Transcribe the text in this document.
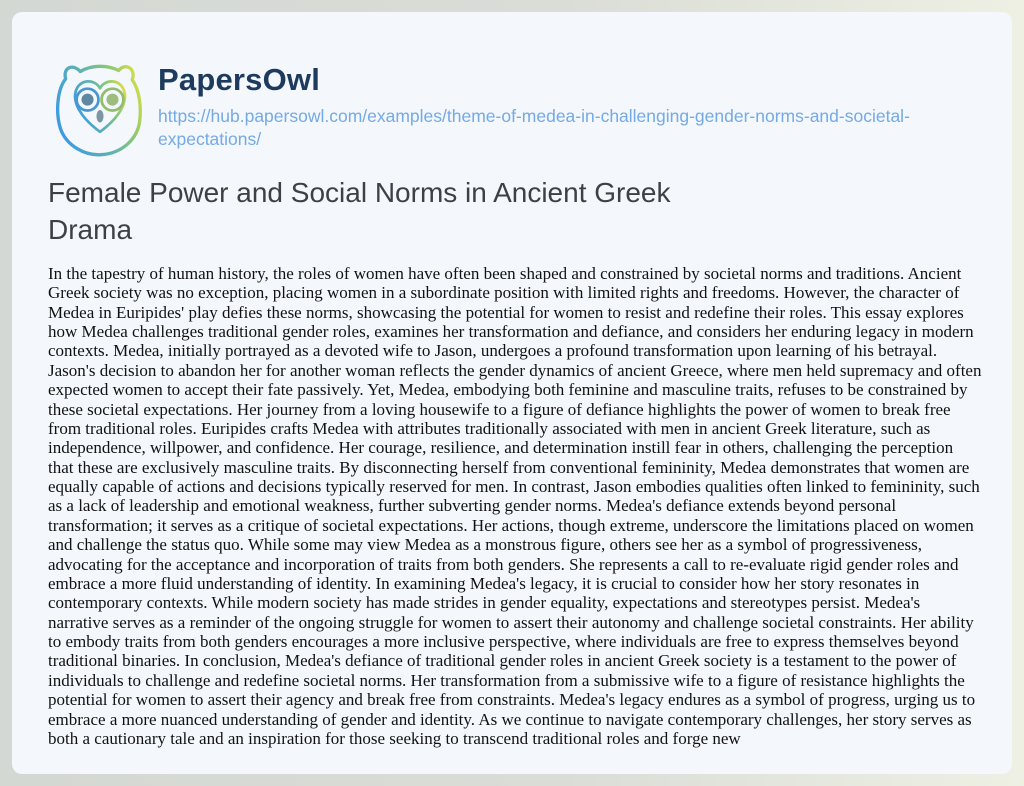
PapersOwl
https://hub.papersowl.com/examples/theme-of-medea-in-challenging-gender-norms-and-societal-expectations/
Female Power and Social Norms in Ancient Greek Drama

In the tapestry of human history, the roles of women have often been shaped and constrained by societal norms and traditions. Ancient Greek society was no exception, placing women in a subordinate position with limited rights and freedoms. However, the character of Medea in Euripides' play defies these norms, showcasing the potential for women to resist and redefine their roles. This essay explores how Medea challenges traditional gender roles, examines her transformation and defiance, and considers her enduring legacy in modern contexts. Medea, initially portrayed as a devoted wife to Jason, undergoes a profound transformation upon learning of his betrayal. Jason's decision to abandon her for another woman reflects the gender dynamics of ancient Greece, where men held supremacy and often expected women to accept their fate passively. Yet, Medea, embodying both feminine and masculine traits, refuses to be constrained by these societal expectations. Her journey from a loving housewife to a figure of defiance highlights the power of women to break free from traditional roles. Euripides crafts Medea with attributes traditionally associated with men in ancient Greek literature, such as independence, willpower, and confidence. Her courage, resilience, and determination instill fear in others, challenging the perception that these are exclusively masculine traits. By disconnecting herself from conventional femininity, Medea demonstrates that women are equally capable of actions and decisions typically reserved for men. In contrast, Jason embodies qualities often linked to femininity, such as a lack of leadership and emotional weakness, further subverting gender norms. Medea's defiance extends beyond personal transformation; it serves as a critique of societal expectations. Her actions, though extreme, underscore the limitations placed on women and challenge the status quo. While some may view Medea as a monstrous figure, others see her as a symbol of progressiveness, advocating for the acceptance and incorporation of traits from both genders. She represents a call to re-evaluate rigid gender roles and embrace a more fluid understanding of identity. In examining Medea's legacy, it is crucial to consider how her story resonates in contemporary contexts. While modern society has made strides in gender equality, expectations and stereotypes persist. Medea's narrative serves as a reminder of the ongoing struggle for women to assert their autonomy and challenge societal constraints. Her ability to embody traits from both genders encourages a more inclusive perspective, where individuals are free to express themselves beyond traditional binaries. In conclusion, Medea's defiance of traditional gender roles in ancient Greek society is a testament to the power of individuals to challenge and redefine societal norms. Her transformation from a submissive wife to a figure of resistance highlights the potential for women to assert their agency and break free from constraints. Medea's legacy endures as a symbol of progress, urging us to embrace a more nuanced understanding of gender and identity. As we continue to navigate contemporary challenges, her story serves as both a cautionary tale and an inspiration for those seeking to transcend traditional roles and forge new
